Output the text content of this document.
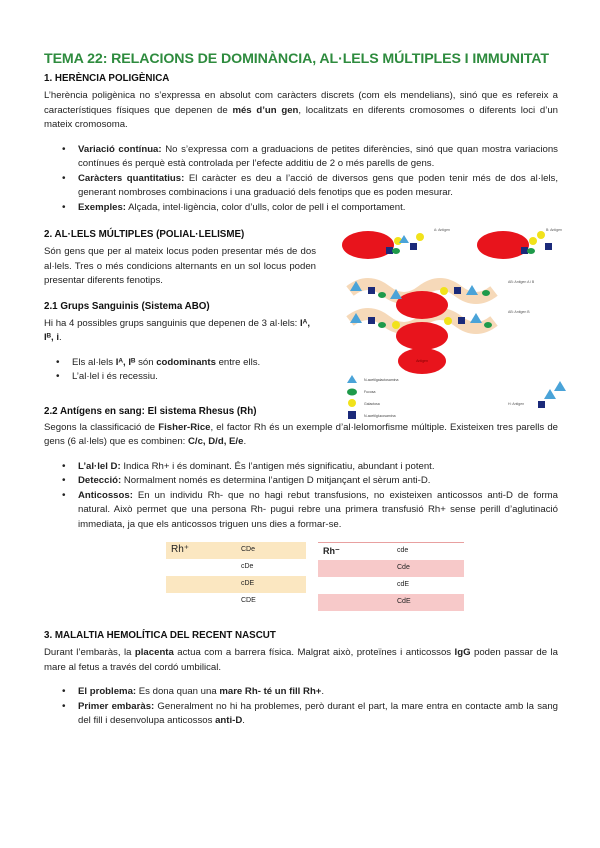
TEMA 22: RELACIONS DE DOMINÀNCIA, AL·LELS MÚLTIPLES I IMMUNITAT
1. HERÈNCIA POLIGÈNICA

L’herència poligènica no s’expressa en absolut com caràcters discrets (com els mendelians), sinó que es refereix a característiques físiques que depenen de més d’un gen, localitzats en diferents cromosomes o diferents loci d’un mateix cromosoma.

• Variació contínua: No s’expressa com a graduacions de petites diferències, sinó que quan mostra variacions contínues és perquè està controlada per l’efecte additiu de 2 o més parells de gens.
• Caràcters quantitatius: El caràcter es deu a l’acció de diversos gens que poden tenir més de dos al·lels, generant nombroses combinacions i una graduació dels fenotips que es poden mesurar.
• Exemples: Alçada, intel·ligència, color d’ulls, color de pell i el comportament.
2. AL·LELS MÚLTIPLES (POLIAL·LELISME)

Són gens que per al mateix locus poden presentar més de dos al·lels. Tres o més condicions alternants en un sol locus poden presentar diferents fenotips.

2.1 Grups Sanguinis (Sistema ABO)

Hi ha 4 possibles grups sanguinis que depenen de 3 al·lels: Iᴬ, Iᴮ, i.

• Els al·lels Iᴬ, Iᴮ són codominants entre ells.
• L’al·lel i és recessiu.
A: Antigen	B: Antigen
AB: Antigen A i B
AB: Antigen B
Antigen
N-acetilgalactosamina
Fucosa
Galactosa
N-acetilglucosamina
H: Antigen
2.2 Antígens en sang: El sistema Rhesus (Rh)

Segons la classificació de Fisher-Rice, el factor Rh és un exemple d’al·lelomorfisme múltiple. Existeixen tres parells de gens (6 al·lels) que es combinen: C/c, D/d, E/e.

• L’al·lel D: Indica Rh+ i és dominant. És l’antigen més significatiu, abundant i potent.
• Detecció: Normalment només es determina l’antigen D mitjançant el sèrum anti-D.
• Anticossos: En un individu Rh- que no hagi rebut transfusions, no existeixen anticossos anti-D de forma natural. Això permet que una persona Rh- pugui rebre una primera transfusió Rh+ sense perill d’aglutinació immediata, ja que els anticossos triguen uns dies a formar-se.
Rh⁺	CDe
	cDe
	cDE
	CDE
Rh⁻	cde
	Cde
	cdE
	CdE
3. MALALTIA HEMOLÍTICA DEL RECENT NASCUT

Durant l’embaràs, la placenta actua com a barrera física. Malgrat això, proteïnes i anticossos IgG poden passar de la mare al fetus a través del cordó umbilical.

• El problema: Es dona quan una mare Rh- té un fill Rh+.
• Primer embaràs: Generalment no hi ha problemes, però durant el part, la mare entra en contacte amb la sang del fill i desenvolupa anticossos anti-D.
